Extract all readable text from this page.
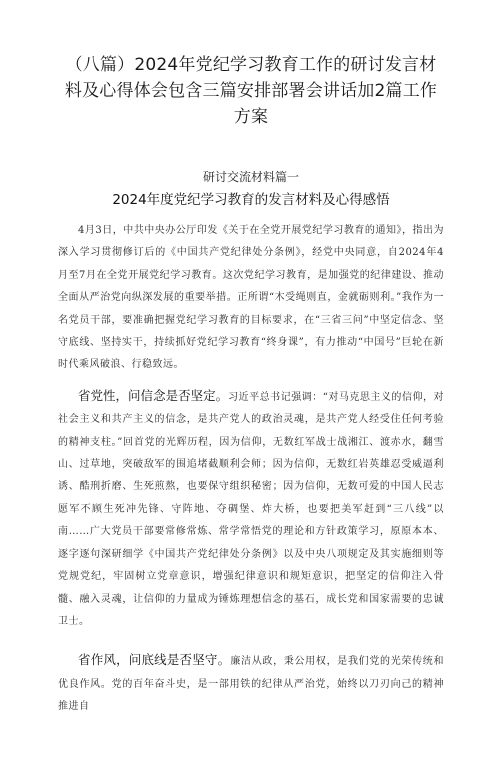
（八篇）2024年党纪学习教育工作的研讨发言材料及心得体会包含三篇安排部署会讲话加2篇工作方案
研讨交流材料篇一
2024年度党纪学习教育的发言材料及心得感悟

4月3日，中共中央办公厅印发《关于在全党开展党纪学习教育的通知》，指出为深入学习贯彻修订后的《中国共产党纪律处分条例》，经党中央同意，自2024年4月至7月在全党开展党纪学习教育。这次党纪学习教育，是加强党的纪律建设、推动全面从严治党向纵深发展的重要举措。正所谓“木受绳则直，金就砺则利。”我作为一名党员干部，要准确把握党纪学习教育的目标要求，在“三省三问”中坚定信念、坚守底线、坚持实干，持续抓好党纪学习教育“终身课”，有力推动“中国号”巨轮在新时代乘风破浪、行稳致远。

省党性，问信念是否坚定。习近平总书记强调：“对马克思主义的信仰，对社会主义和共产主义的信念，是共产党人的政治灵魂，是共产党人经受住任何考验的精神支柱。”回首党的光辉历程，因为信仰，无数红军战士战湘江、渡赤水，翻雪山、过草地，突破敌军的围追堵截顺利会师；因为信仰，无数红岩英雄忍受威逼利诱、酷刑折磨、生死煎熬，也要保守组织秘密；因为信仰，无数可爱的中国人民志愿军不顾生死冲先锋、守阵地、夺碉堡、炸大桥，也要把美军赶到“三八线”以南……广大党员干部要常修常炼、常学常悟党的理论和方针政策学习，原原本本、逐字逐句深研细学《中国共产党纪律处分条例》以及中央八项规定及其实施细则等党规党纪，牢固树立党章意识，增强纪律意识和规矩意识，把坚定的信仰注入骨髓、融入灵魂，让信仰的力量成为锤炼理想信念的基石，成长党和国家需要的忠诚卫士。

省作风，问底线是否坚守。廉洁从政，秉公用权，是我们党的光荣传统和优良作风。党的百年奋斗史，是一部用铁的纪律从严治党，始终以刀刃向己的精神推进自
